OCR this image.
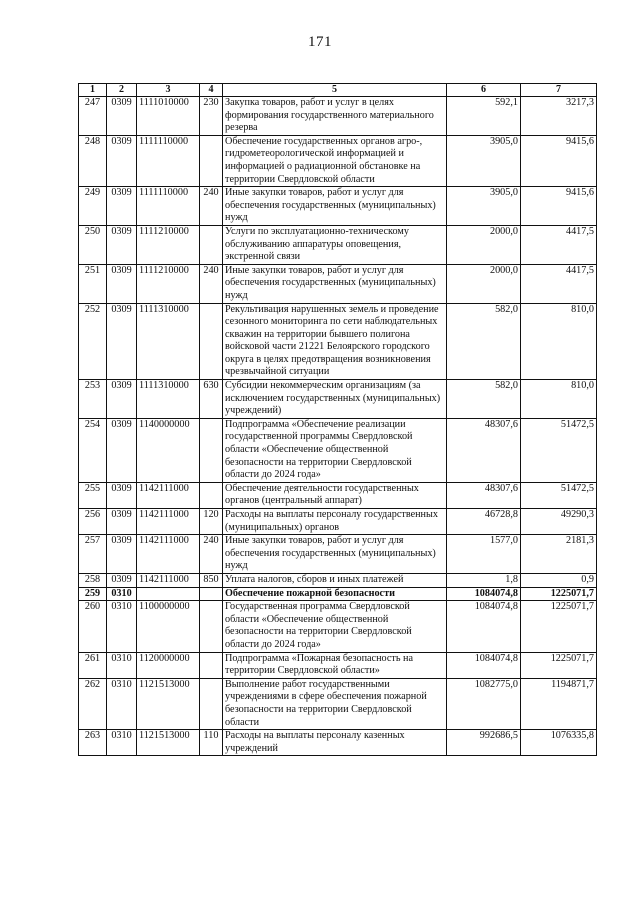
171
1	2	3	4	5	6	7
247	0309	1111010000	230	Закупка товаров, работ и услуг в целях формирования государственного материального резерва	592,1	3217,3
248	0309	1111110000		Обеспечение государственных органов агро-, гидрометеорологической информацией и информацией о радиационной обстановке на территории Свердловской области	3905,0	9415,6
249	0309	1111110000	240	Иные закупки товаров, работ и услуг для обеспечения государственных (муниципальных) нужд	3905,0	9415,6
250	0309	1111210000		Услуги по эксплуатационно-техническому обслуживанию аппаратуры оповещения, экстренной связи	2000,0	4417,5
251	0309	1111210000	240	Иные закупки товаров, работ и услуг для обеспечения государственных (муниципальных) нужд	2000,0	4417,5
252	0309	1111310000		Рекультивация нарушенных земель и проведение сезонного мониторинга по сети наблюдательных скважин на территории бывшего полигона войсковой части 21221 Белоярского городского округа в целях предотвращения возникновения чрезвычайной ситуации	582,0	810,0
253	0309	1111310000	630	Субсидии некоммерческим организациям (за исключением государственных (муниципальных) учреждений)	582,0	810,0
254	0309	1140000000		Подпрограмма «Обеспечение реализации государственной программы Свердловской области «Обеспечение общественной безопасности на территории Свердловской области до 2024 года»	48307,6	51472,5
255	0309	1142111000		Обеспечение деятельности государственных органов (центральный аппарат)	48307,6	51472,5
256	0309	1142111000	120	Расходы на выплаты персоналу государственных (муниципальных) органов	46728,8	49290,3
257	0309	1142111000	240	Иные закупки товаров, работ и услуг для обеспечения государственных (муниципальных) нужд	1577,0	2181,3
258	0309	1142111000	850	Уплата налогов, сборов и иных платежей	1,8	0,9
259	0310			Обеспечение пожарной безопасности	1084074,8	1225071,7
260	0310	1100000000		Государственная программа Свердловской области «Обеспечение общественной безопасности на территории Свердловской области до 2024 года»	1084074,8	1225071,7
261	0310	1120000000		Подпрограмма «Пожарная безопасность на территории Свердловской области»	1084074,8	1225071,7
262	0310	1121513000		Выполнение работ государственными учреждениями в сфере обеспечения пожарной безопасности на территории Свердловской области	1082775,0	1194871,7
263	0310	1121513000	110	Расходы на выплаты персоналу казенных учреждений	992686,5	1076335,8
